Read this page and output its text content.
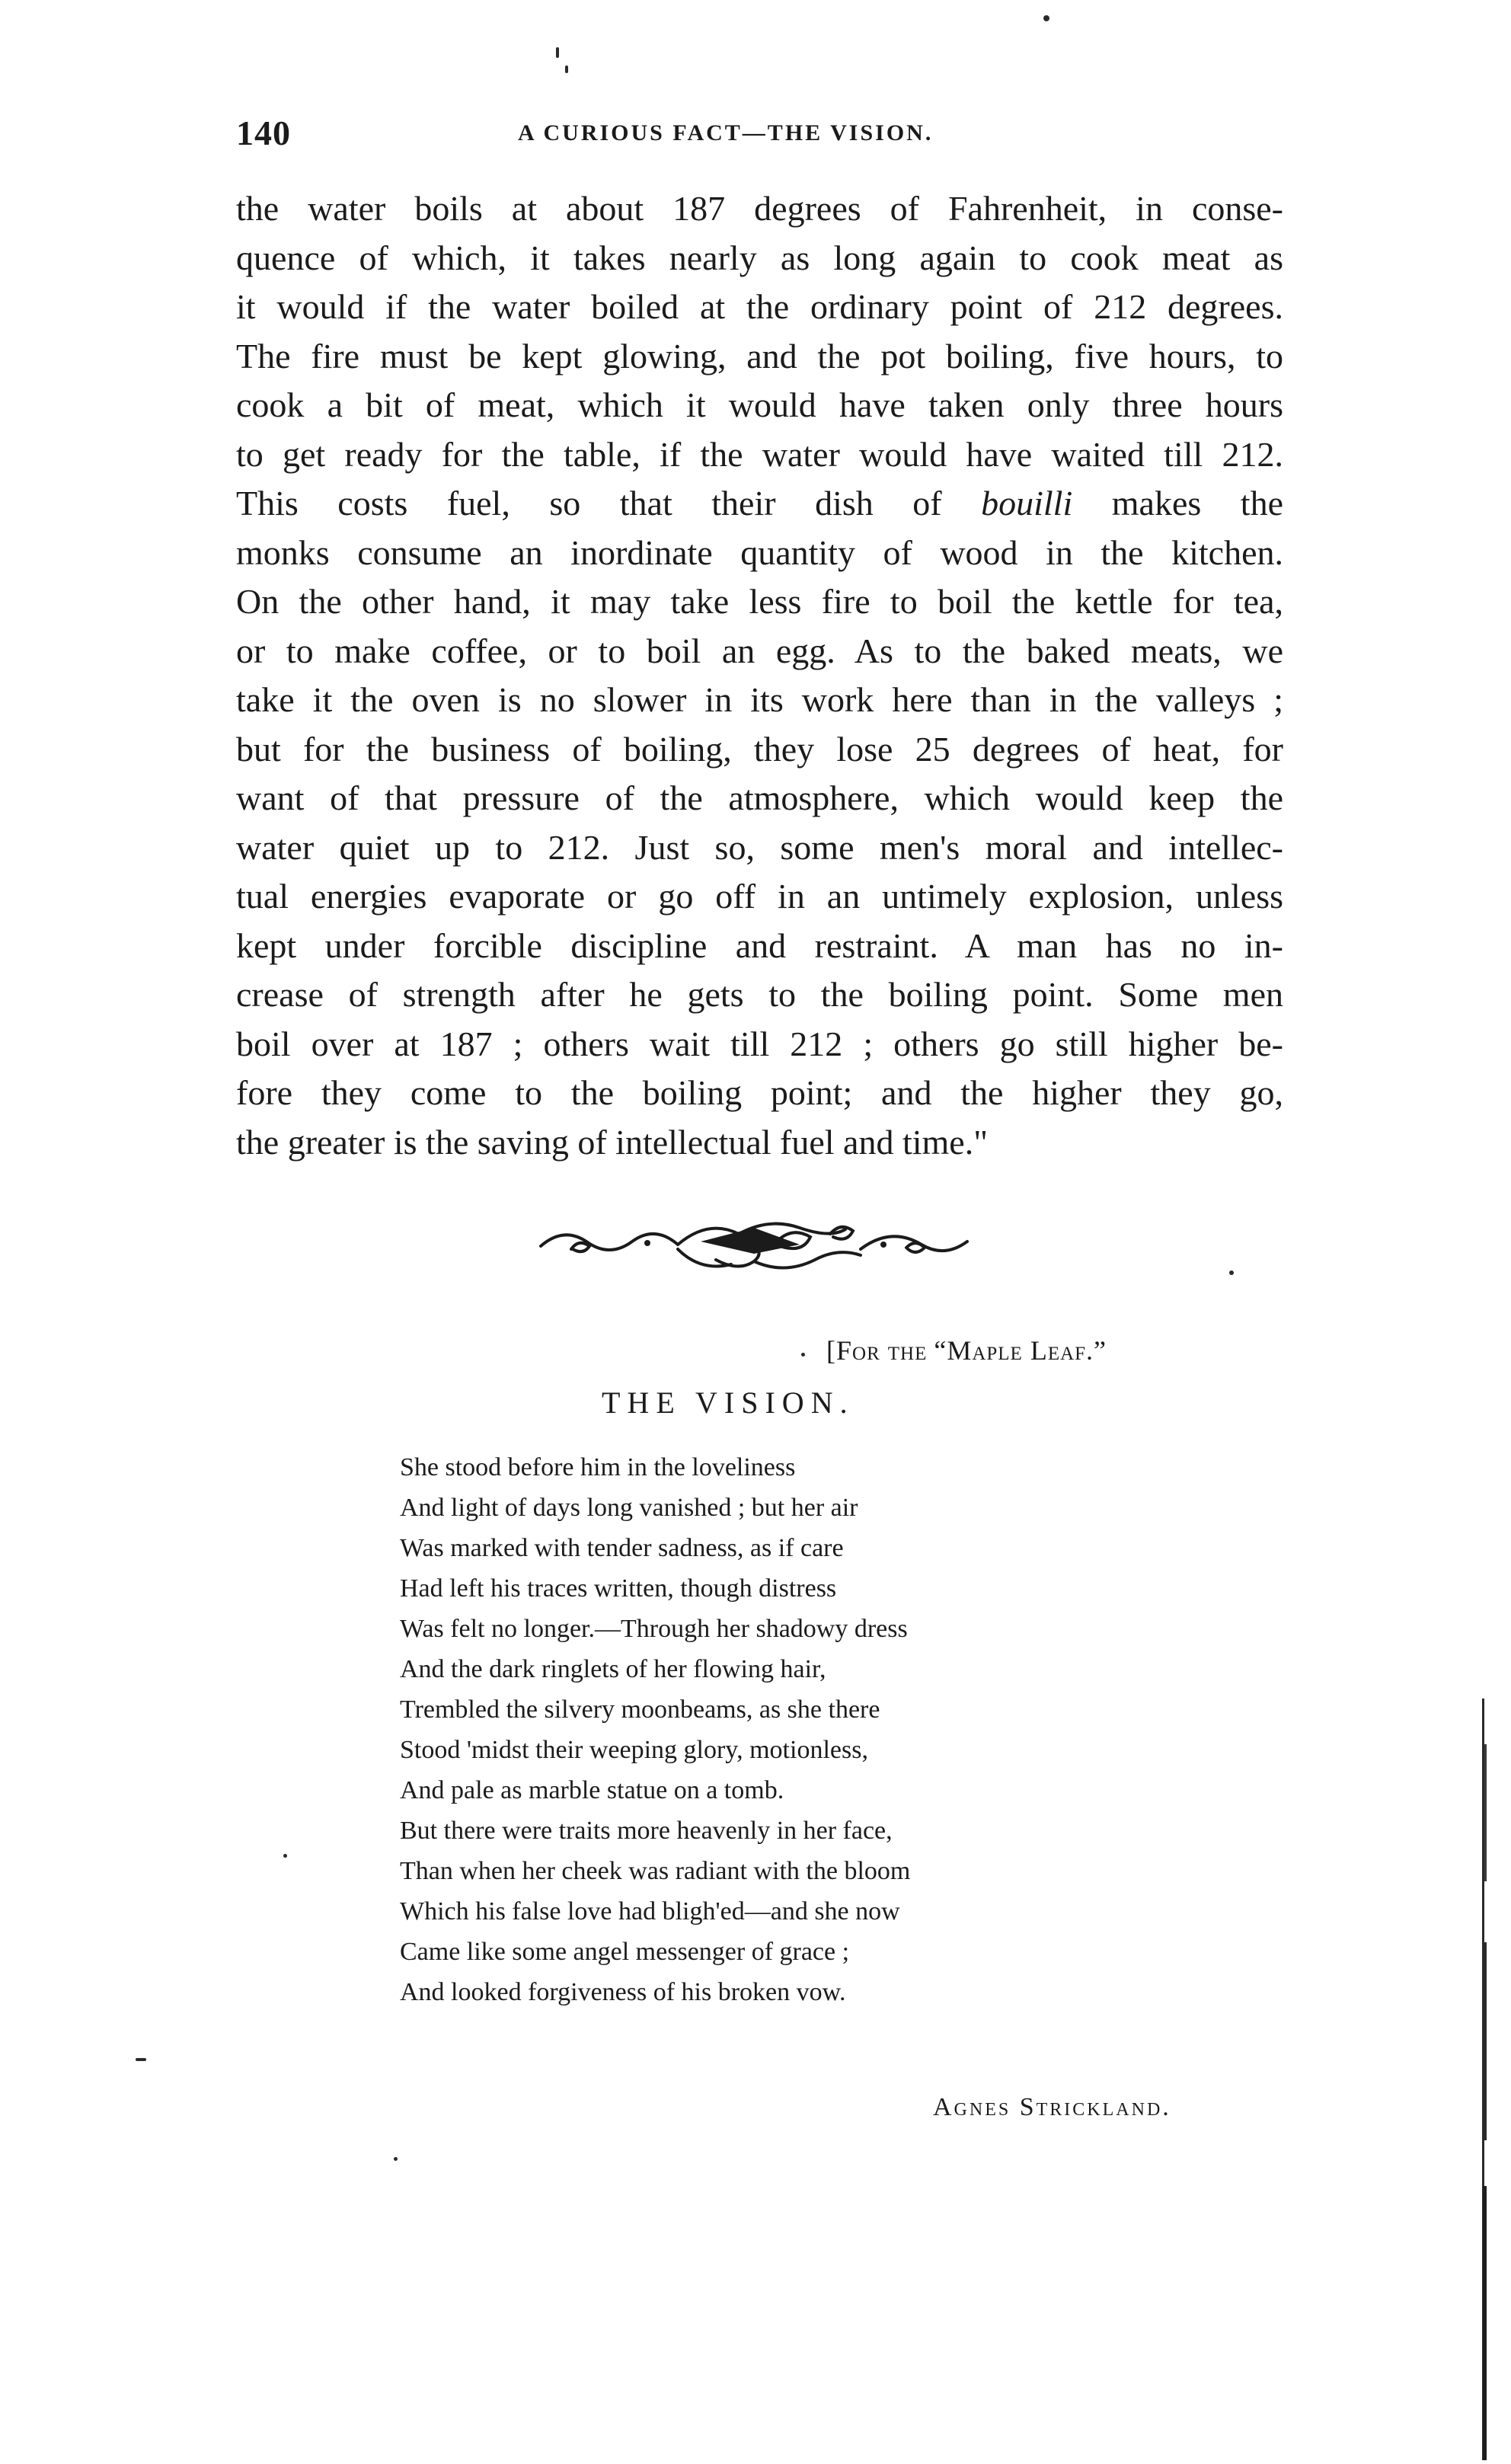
140	A CURIOUS FACT—THE VISION.
the water boils at about 187 degrees of Fahrenheit, in conse-
quence of which, it takes nearly as long again to cook meat as
it would if the water boiled at the ordinary point of 212 degrees.
The fire must be kept glowing, and the pot boiling, five hours, to
cook a bit of meat, which it would have taken only three hours
to get ready for the table, if the water would have waited till 212.
This costs fuel, so that their dish of bouilli makes the
monks consume an inordinate quantity of wood in the kitchen.
On the other hand, it may take less fire to boil the kettle for tea,
or to make coffee, or to boil an egg. As to the baked meats, we
take it the oven is no slower in its work here than in the valleys ;
but for the business of boiling, they lose 25 degrees of heat, for
want of that pressure of the atmosphere, which would keep the
water quiet up to 212. Just so, some men's moral and intellec-
tual energies evaporate or go off in an untimely explosion, unless
kept under forcible discipline and restraint. A man has no in-
crease of strength after he gets to the boiling point. Some men
boil over at 187 ; others wait till 212 ; others go still higher be-
fore they come to the boiling point; and the higher they go,
the greater is the saving of intellectual fuel and time."
[For the “Maple Leaf.”
THE VISION.
She stood before him in the loveliness
And light of days long vanished ; but her air
Was marked with tender sadness, as if care
Had left his traces written, though distress
Was felt no longer.—Through her shadowy dress
And the dark ringlets of her flowing hair,
Trembled the silvery moonbeams, as she there
Stood 'midst their weeping glory, motionless,
And pale as marble statue on a tomb.
But there were traits more heavenly in her face,
Than when her cheek was radiant with the bloom
Which his false love had bligh'ed—and she now
Came like some angel messenger of grace ;
And looked forgiveness of his broken vow.
Agnes Strickland.
